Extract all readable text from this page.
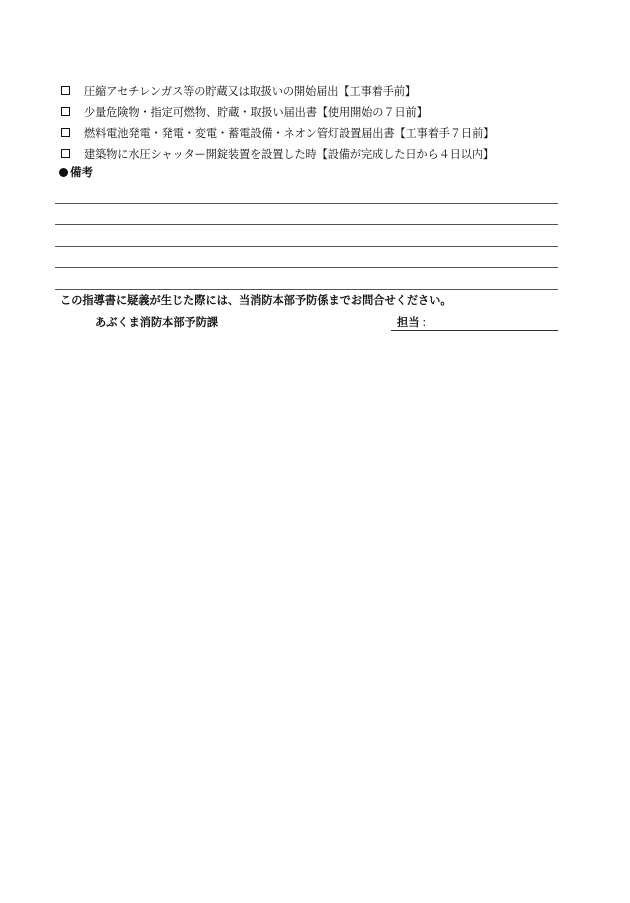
圧縮アセチレンガス等の貯蔵又は取扱いの開始届出【工事着手前】
少量危険物・指定可燃物、貯蔵・取扱い届出書【使用開始の７日前】
燃料電池発電・発電・変電・蓄電設備・ネオン管灯設置届出書【工事着手７日前】
建築物に水圧シャッター開錠装置を設置した時【設備が完成した日から４日以内】
備考
この指導書に疑義が生じた際には、当消防本部予防係までお問合せください。
あぶくま消防本部予防課	担当 :
